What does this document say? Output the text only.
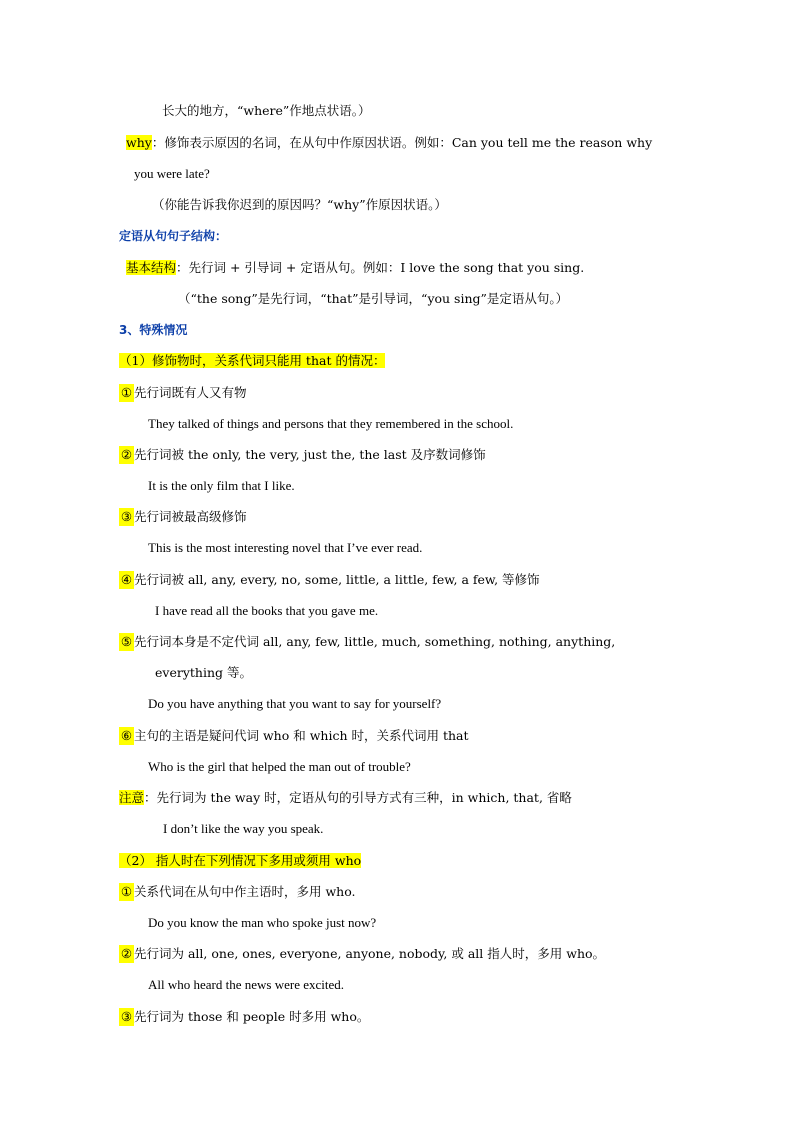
长大的地方，“where”作地点状语。）
why：修饰表示原因的名词，在从句中作原因状语。例如：Can you tell me the reason why
you were late?
（你能告诉我你迟到的原因吗？“why”作原因状语。）
定语从句句子结构：
基本结构：先行词 + 引导词 + 定语从句。例如：I love the song that you sing.
（“the song”是先行词，“that”是引导词，“you sing”是定语从句。）
3、特殊情况
（1）修饰物时，关系代词只能用 that 的情况：
① 先行词既有人又有物
They talked of things and persons that they remembered in the school.
② 先行词被 the only, the very, just the, the last 及序数词修饰
It is the only film that I like.
③ 先行词被最高级修饰
This is the most interesting novel that I’ve ever read.
④ 先行词被 all, any, every, no, some, little, a little, few, a few, 等修饰
I have read all the books that you gave me.
⑤ 先行词本身是不定代词 all, any, few, little, much, something, nothing, anything,
everything 等。
Do you have anything that you want to say for yourself?
⑥ 主句的主语是疑问代词 who 和 which 时，关系代词用 that
Who is the girl that helped the man out of trouble?
注意：先行词为 the way 时，定语从句的引导方式有三种，in which, that, 省略
I don’t like the way you speak.
（2） 指人时在下列情况下多用或须用 who
① 关系代词在从句中作主语时，多用 who.
Do you know the man who spoke just now?
② 先行词为 all, one, ones, everyone, anyone, nobody, 或 all 指人时，多用 who。
All who heard the news were excited.
③ 先行词为 those 和 people 时多用 who。
